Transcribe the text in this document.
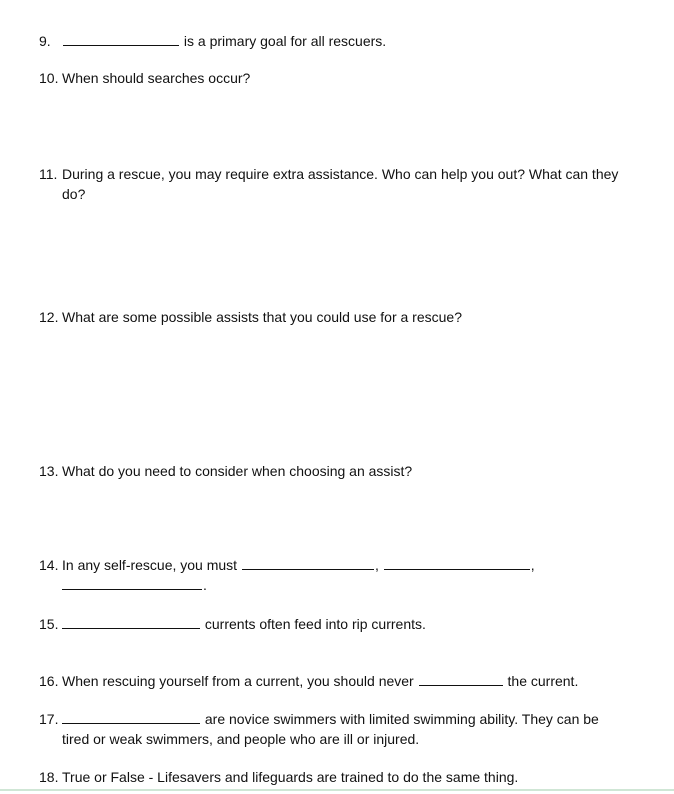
9.	is a primary goal for all rescuers.
10. When should searches occur?
11. During a rescue, you may require extra assistance. Who can help you out? What can they do?
12. What are some possible assists that you could use for a rescue?
13. What do you need to consider when choosing an assist?
14. In any self-rescue, you must	,	,
.
15.	currents often feed into rip currents.
16. When rescuing yourself from a current, you should never	the current.
17.	are novice swimmers with limited swimming ability. They can be tired or weak swimmers, and people who are ill or injured.
18. True or False - Lifesavers and lifeguards are trained to do the same thing.
